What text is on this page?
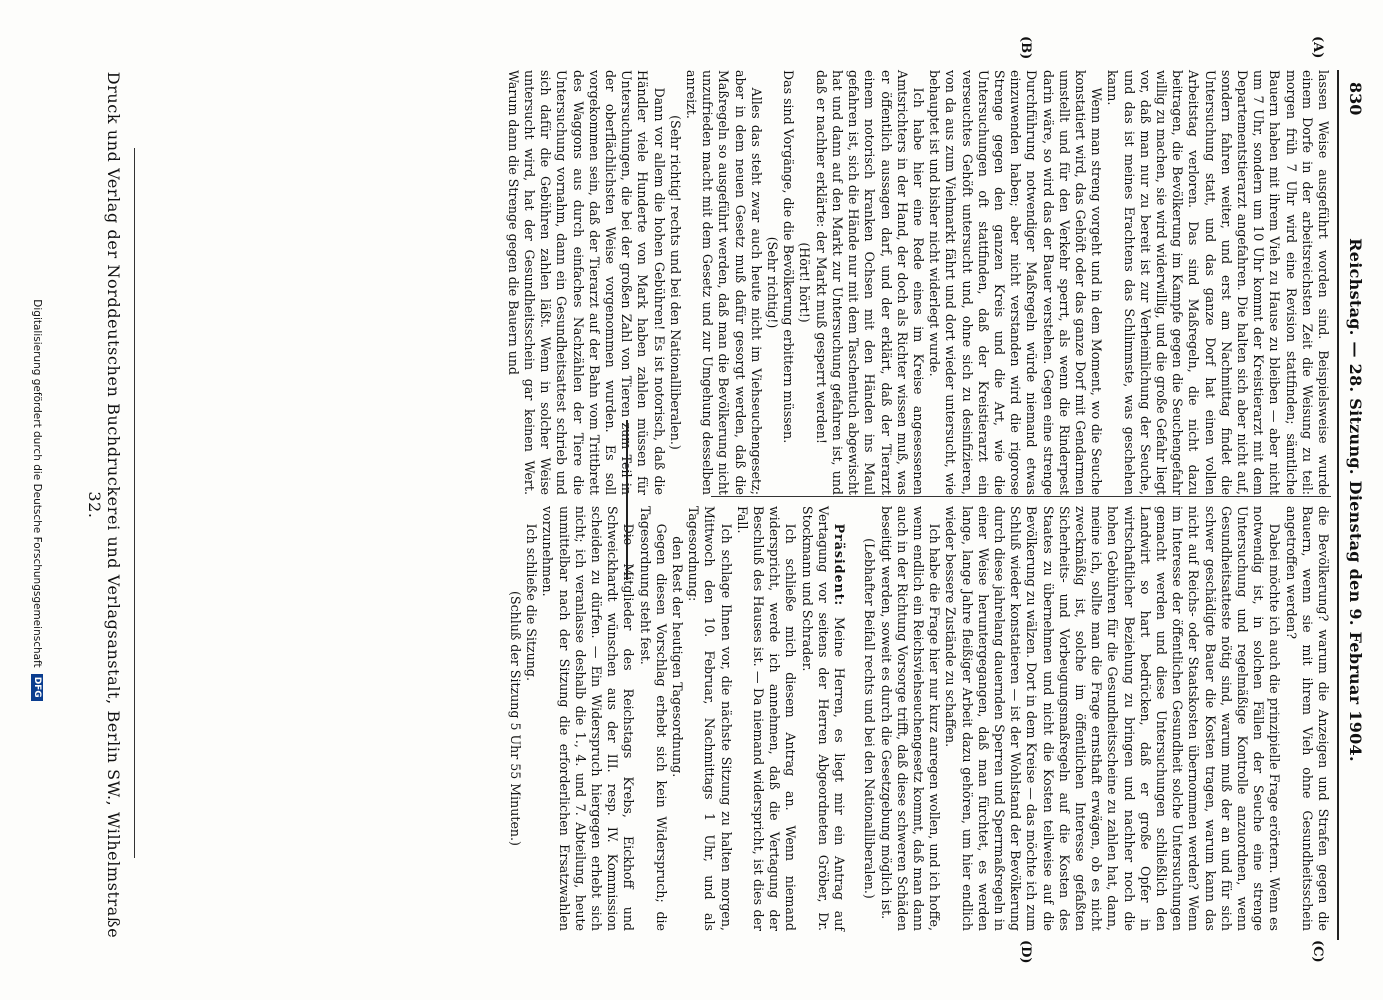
830
Reichstag. — 28. Sitzung. Dienstag den 9. Februar 1904.
(A)
(B)
(C)
(D)

lassen Weise ausgeführt worden sind. Beispielsweise wurde einem Dorfe in der arbeitsreichsten Zeit die Weisung zu teil: morgen früh 7 Uhr wird eine Revision stattfinden; sämtliche Bauern haben mit ihrem Vieh zu Hause zu bleiben — aber nicht um 7 Uhr, sondern um 10 Uhr kommt der Kreistierarzt mit dem Departementstierarzt angefahren. Die halten sich aber nicht auf, sondern fahren weiter, und erst am Nachmittag findet die Untersuchung statt, und das ganze Dorf hat einen vollen Arbeitstag verloren. Das sind Maßregeln, die nicht dazu beitragen, die Bevölkerung im Kampfe gegen die Seuchengefahr willig zu machen, sie wird widerwillig, und die große Gefahr liegt vor, daß man nur zu bereit ist zur Verheimlichung der Seuche, und das ist meines Erachtens das Schlimmste, was geschehen kann.

Wenn man streng vorgeht und in dem Moment, wo die Seuche konstatiert wird, das Gehöft oder das ganze Dorf mit Gendarmen umstellt und für den Verkehr sperrt, als wenn die Rinderpest darin wäre, so wird das der Bauer verstehen. Gegen eine strenge Durchführung notwendiger Maßregeln würde niemand etwas einzuwenden haben; aber nicht verstanden wird die rigorose Strenge gegen den ganzen Kreis und die Art, wie die Untersuchungen oft stattfinden, daß der Kreistierarzt ein verseuchtes Gehöft untersucht und, ohne sich zu desinfizieren, von da aus zum Viehmarkt fährt und dort wieder untersucht, wie behauptet ist und bisher nicht widerlegt wurde.

Ich habe hier eine Rede eines im Kreise angesessenen Amtsrichters in der Hand, der doch als Richter wissen muß, was er öffentlich aussagen darf, und der erklärt, daß der Tierarzt einem notorisch kranken Ochsen mit den Händen ins Maul gefahren ist, sich die Hände nur mit dem Taschentuch abgewischt hat und dann auf den Markt zur Untersuchung gefahren ist, und daß er nachher erklärte: der Markt muß gesperrt werden!

(Hört! hört!)

Das sind Vorgänge, die die Bevölkerung erbittern müssen.

(Sehr richtig!)

Alles das steht zwar auch heute nicht im Viehseuchengesetz; aber in dem neuen Gesetz muß dafür gesorgt werden, daß die Maßregeln so ausgeführt werden, daß man die Bevölkerung nicht unzufrieden macht mit dem Gesetz und zur Umgehung desselben anreizt.

(Sehr richtig! rechts und bei den Nationalliberalen.)

Dann vor allem die hohen Gebühren! Es ist notorisch, daß die Händler viele Hunderte von Mark haben zahlen müssen für Untersuchungen, die bei der großen Zahl von Tieren zum Teil in der oberflächlichsten Weise vorgenommen wurden. Es soll vorgekommen sein, daß der Tierarzt auf der Bahn vom Trittbrett des Waggons aus durch einfaches Nachzählen der Tiere die Untersuchung vornahm, dann ein Gesundheitsattest schrieb und sich dafür die Gebühren zahlen läßt. Wenn in solcher Weise untersucht wird, hat der Gesundheitsschein gar keinen Wert. Warum dann die Strenge gegen die Bauern und

die Bevölkerung? warum die Anzeigen und Strafen gegen die Bauern, wenn sie mit ihrem Vieh ohne Gesundheitsschein angetroffen werden?

Dabei möchte ich auch die prinzipielle Frage erörtern. Wenn es notwendig ist, in solchen Fällen der Seuche eine strenge Untersuchung und regelmäßige Kontrolle anzuordnen, wenn Gesundheitsatteste nötig sind, warum muß der an und für sich schwer geschädigte Bauer die Kosten tragen, warum kann das nicht auf Reichs- oder Staatskosten übernommen werden? Wenn im Interesse der öffentlichen Gesundheit solche Untersuchungen gemacht werden und diese Untersuchungen schließlich den Landwirt so hart bedrücken, daß er große Opfer in wirtschaftlicher Beziehung zu bringen und nachher noch die hohen Gebühren für die Gesundheitsscheine zu zahlen hat, dann, meine ich, sollte man die Frage ernsthaft erwägen, ob es nicht zweckmäßig ist, solche im öffentlichen Interesse gefaßten Sicherheits- und Vorbeugungsmaßregeln auf die Kosten des Staates zu übernehmen und nicht die Kosten teilweise auf die Bevölkerung zu wälzen. Dort in dem Kreise — das möchte ich zum Schluß wieder konstatieren — ist der Wohlstand der Bevölkerung durch diese jahrelang dauernden Sperren und Sperrmaßregeln in einer Weise heruntergegangen, daß man fürchtet, es werden lange, lange Jahre fleißiger Arbeit dazu gehören, um hier endlich wieder bessere Zustände zu schaffen.

Ich habe die Frage hier nur kurz anregen wollen, und ich hoffe, wenn endlich ein Reichsviehseuchengesetz kommt, daß man dann auch in der Richtung Vorsorge trifft, daß diese schweren Schäden beseitigt werden, soweit es durch die Gesetzgebung möglich ist.

(Lebhafter Beifall rechts und bei den Nationalliberalen.)

Präsident: Meine Herren, es liegt mir ein Antrag auf Vertagung vor seitens der Herren Abgeordneten Gröber, Dr. Stockmann und Schrader.

Ich schließe mich diesem Antrag an. Wenn niemand widerspricht, werde ich annehmen, daß die Vertagung der Beschluß des Hauses ist. — Da niemand widerspricht, ist dies der Fall.

Ich schlage Ihnen vor, die nächste Sitzung zu halten morgen, Mittwoch den 10. Februar, Nachmittags 1 Uhr, und als Tagesordnung:

den Rest der heutigen Tagesordnung.

Gegen diesen Vorschlag erhebt sich kein Widerspruch; die Tagesordnung steht fest.

Die Mitglieder des Reichstags Krebs, Eickhoff und Schweickhardt wünschen aus der III. resp. IV. Kommission scheiden zu dürfen. — Ein Widerspruch hiergegen erhebt sich nicht; ich veranlasse deshalb die 1., 4. und 7. Abteilung, heute unmittelbar nach der Sitzung die erforderlichen Ersatzwahlen vorzunehmen.

Ich schließe die Sitzung.

(Schluß der Sitzung 5 Uhr 55 Minuten.)

Druck und Verlag der Norddeutschen Buchdruckerei und Verlagsanstalt, Berlin SW., Wilhelmstraße 32.
Digitalisierung gefördert durch die Deutsche ForschungsgemeinschaftDFG
